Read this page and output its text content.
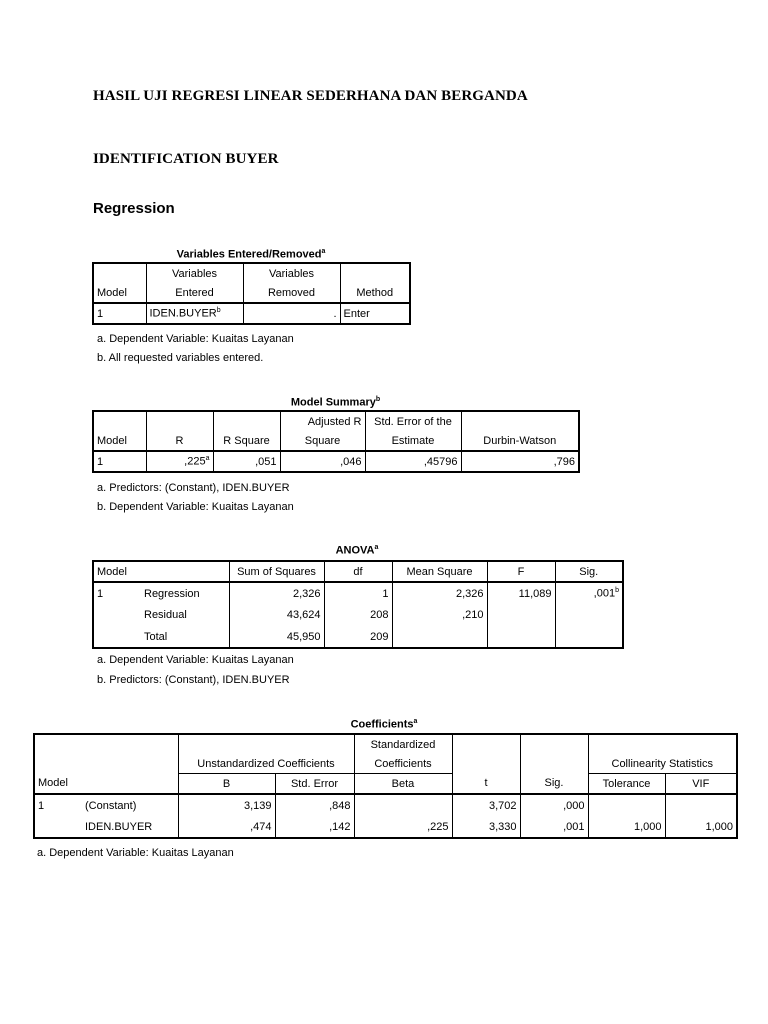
HASIL UJI REGRESI LINEAR SEDERHANA DAN BERGANDA
IDENTIFICATION BUYER
Regression
Variables Entered/Removed$^a$
	Variables	Variables	
Model	Entered	Removed	Method
1	IDEN.BUYER$^b$	.	Enter
a. Dependent Variable: Kuaitas Layanan
b. All requested variables entered.
Model Summary$^b$
			Adjusted R	Std. Error of the	
Model	R	R Square	Square	Estimate	Durbin-Watson
1	,225$^a$	,051	,046	,45796	,796
a. Predictors: (Constant), IDEN.BUYER
b. Dependent Variable: Kuaitas Layanan
ANOVA$^a$
Model		Sum of Squares	df	Mean Square	F	Sig.
1	Regression	2,326	1	2,326	11,089	,001$^b$
	Residual	43,624	208	,210		
	Total	45,950	209			
a. Dependent Variable: Kuaitas Layanan
b. Predictors: (Constant), IDEN.BUYER
Coefficients$^a$
				Standardized				
		Unstandardized Coefficients		Coefficients			Collinearity Statistics	
Model		B	Std. Error	Beta	t	Sig.	Tolerance	VIF
1	(Constant)	3,139	,848		3,702	,000		
	IDEN.BUYER	,474	,142	,225	3,330	,001	1,000	1,000
a. Dependent Variable: Kuaitas Layanan
